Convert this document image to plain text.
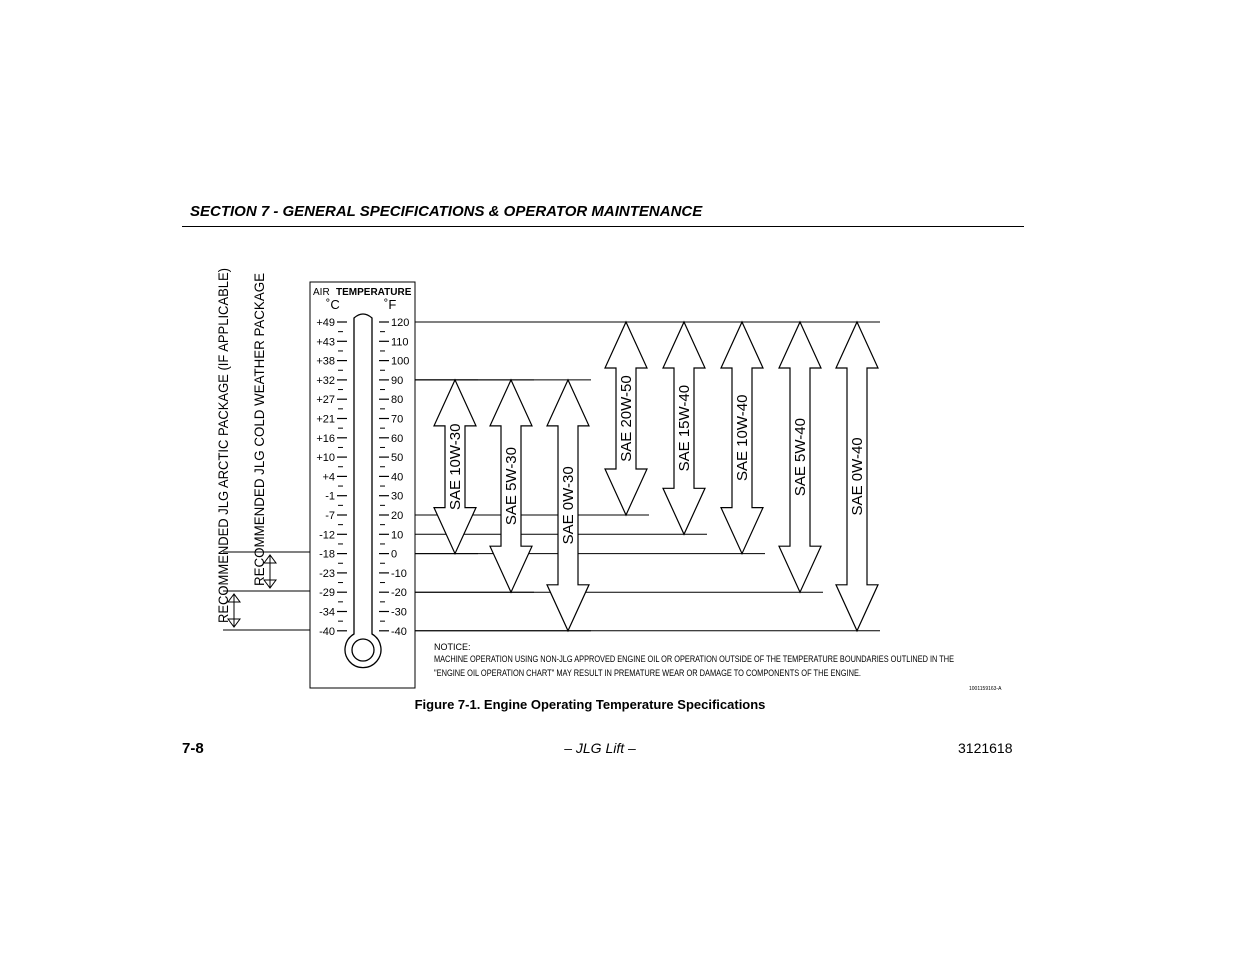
SECTION 7 - GENERAL SPECIFICATIONS & OPERATOR MAINTENANCE
AIR TEMPERATURE
˚C	˚F
+49	120
+43	110
+38	100
+32	90
+27	80
+21	70
+16	60
+10	50
+4	40
-1	30
-7	20
-12	10
-18	0
-23	-10
-29	-20
-34	-30
-40	-40
RECOMMENDED JLG ARCTIC PACKAGE (IF APPLICABLE) RECOMMENDED JLG COLD WEATHER PACKAGE	SAE 10W-30	SAE 5W-30	SAE 0W-30
SAE 20W-50	SAE 15W-40	SAE 10W-40	SAE 5W-40	SAE 0W-40
NOTICE:
MACHINE OPERATION USING NON-JLG APPROVED ENGINE OIL OR OPERATION OUTSIDE OF THE TEMPERATURE BOUNDARIES OUTLINED IN THE
"ENGINE OIL OPERATION CHART" MAY RESULT IN PREMATURE WEAR OR DAMAGE TO COMPONENTS OF THE ENGINE.
1001159163-A
Figure 7-1. Engine Operating Temperature Specifications
7-8	– JLG Lift –	3121618
